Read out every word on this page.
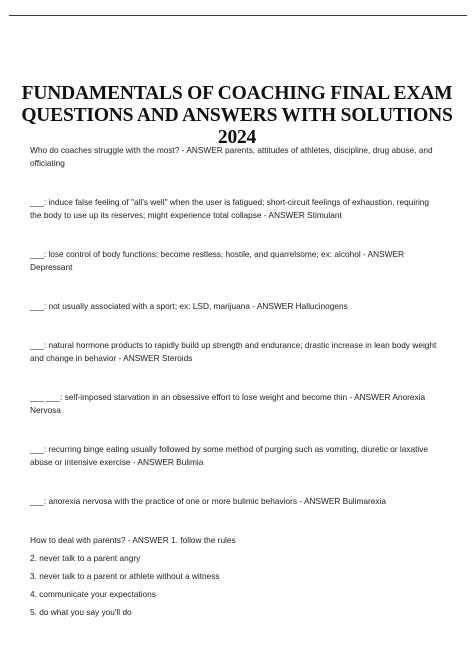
FUNDAMENTALS OF COACHING FINAL EXAM QUESTIONS AND ANSWERS WITH SOLUTIONS 2024

Who do coaches struggle with the most? - ANSWER parents, attitudes of athletes, discipline, drug abuse, and officiating

___: induce false feeling of "all's well" when the user is fatigued; short-circuit feelings of exhaustion, requiring the body to use up its reserves; might experience total collapse - ANSWER Stimulant

___: lose control of body functions; become restless, hostile, and quarrelsome; ex: alcohol - ANSWER Depressant

___: not usually associated with a sport; ex: LSD, marijuana - ANSWER Hallucinogens

___: natural hormone products to rapidly build up strength and endurance; drastic increase in lean body weight and change in behavior - ANSWER Steroids

___ ___: self-imposed starvation in an obsessive effort to lose weight and become thin - ANSWER Anorexia Nervosa

___: recurring binge eating usually followed by some method of purging such as vomiting, diuretic or laxative abuse or intensive exercise - ANSWER Bulimia

___: anorexia nervosa with the practice of one or more bulimic behaviors - ANSWER Bulimarexia

How to deal with parents? - ANSWER 1. follow the rules

2. never talk to a parent angry

3. never talk to a parent or athlete without a witness

4. communicate your expectations

5. do what you say you'll do
